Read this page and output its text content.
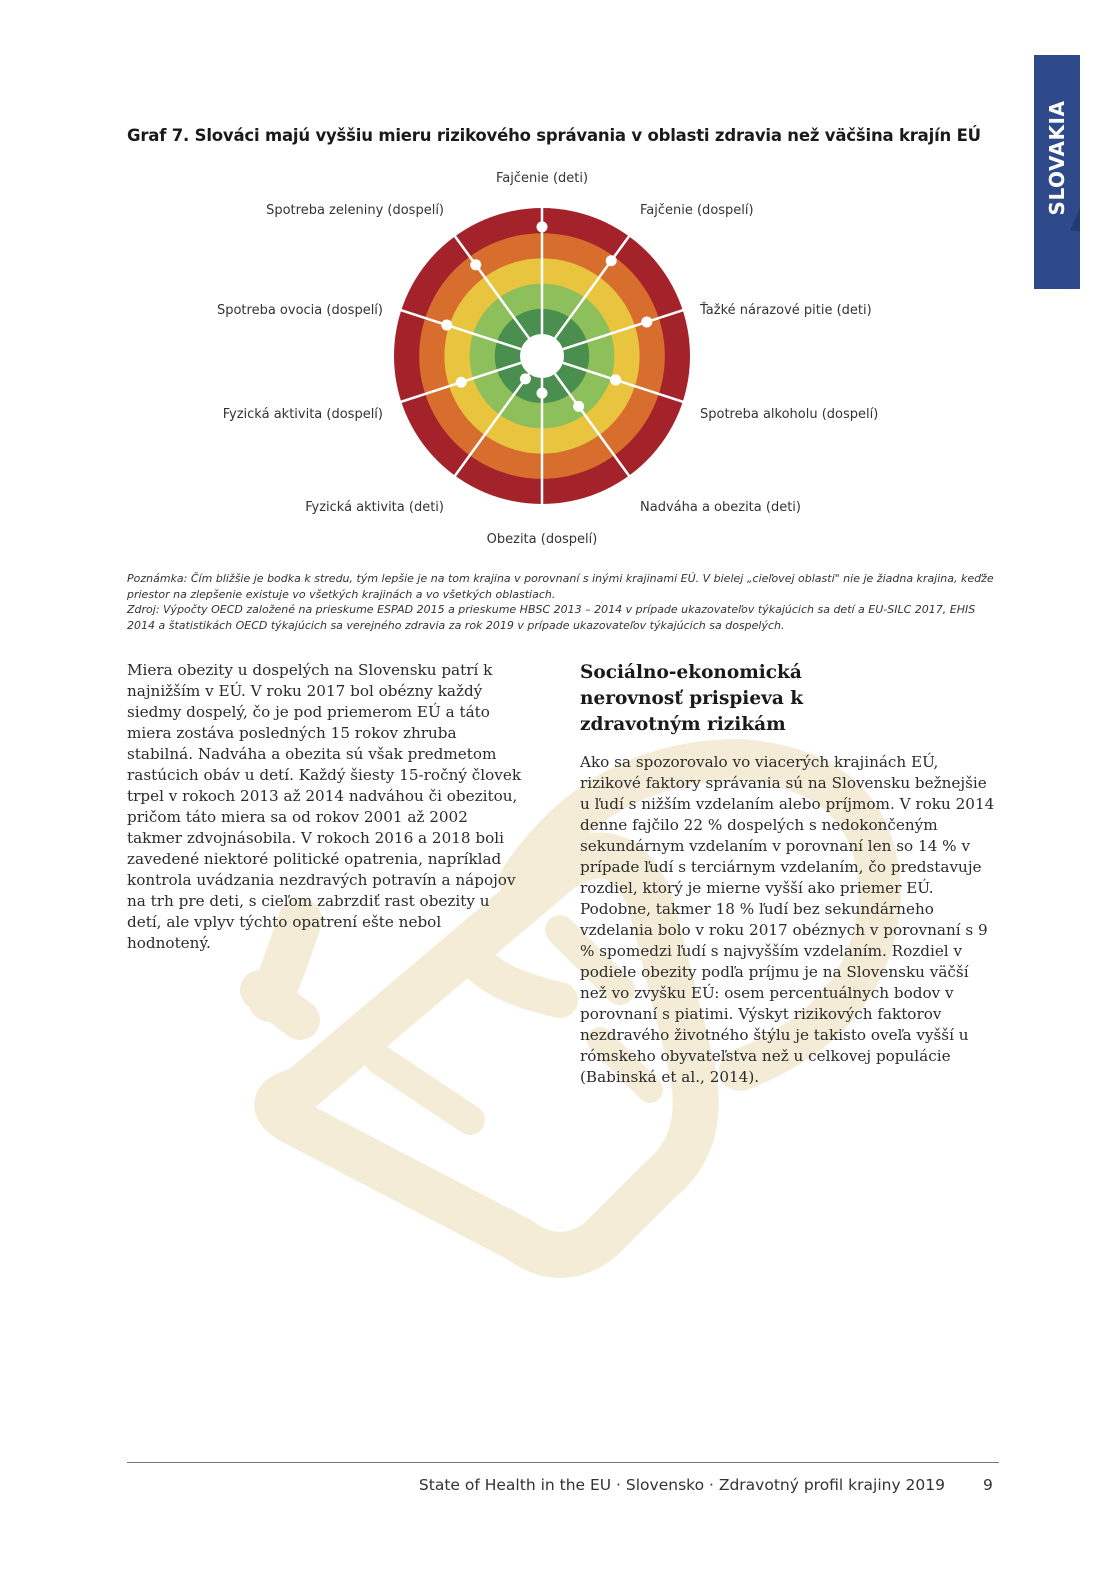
SLOVAKIA
Graf 7. Slováci majú vyššiu mieru rizikového správania v oblasti zdravia než väčšina krajín EÚ
Fajčenie (deti)
Fajčenie (dospelí)
Ťažké nárazové pitie (deti)
Spotreba alkoholu (dospelí)
Nadváha a obezita (deti)
Obezita (dospelí)
Fyzická aktivita (deti)
Fyzická aktivita (dospelí)
Spotreba ovocia (dospelí)
Spotreba zeleniny (dospelí)

Poznámka: Čím bližšie je bodka k stredu, tým lepšie je na tom krajina v porovnaní s inými krajinami EÚ. V bielej „cieľovej oblasti" nie je žiadna krajina, keďže priestor na zlepšenie existuje vo všetkých krajinách a vo všetkých oblastiach.

Zdroj: Výpočty OECD založené na prieskume ESPAD 2015 a prieskume HBSC 2013 – 2014 v prípade ukazovateľov týkajúcich sa detí a EU-SILC 2017, EHIS 2014 a štatistikách OECD týkajúcich sa verejného zdravia za rok 2019 v prípade ukazovateľov týkajúcich sa dospelých.

Miera obezity u dospelých na Slovensku patrí k najnižším v EÚ. V roku 2017 bol obézny každý siedmy dospelý, čo je pod priemerom EÚ a táto miera zostáva posledných 15 rokov zhruba stabilná. Nadváha a obezita sú však predmetom rastúcich obáv u detí. Každý šiesty 15-ročný človek trpel v rokoch 2013 až 2014 nadváhou či obezitou, pričom táto miera sa od rokov 2001 až 2002 takmer zdvojnásobila. V rokoch 2016 a 2018 boli zavedené niektoré politické opatrenia, napríklad kontrola uvádzania nezdravých potravín a nápojov na trh pre deti, s cieľom zabrzdiť rast obezity u detí, ale vplyv týchto opatrení ešte nebol hodnotený.

Sociálno-ekonomická nerovnosť prispieva k zdravotným rizikám

Ako sa spozorovalo vo viacerých krajinách EÚ, rizikové faktory správania sú na Slovensku bežnejšie u ľudí s nižším vzdelaním alebo príjmom. V roku 2014 denne fajčilo 22 % dospelých s nedokončeným sekundárnym vzdelaním v porovnaní len so 14 % v prípade ľudí s terciárnym vzdelaním, čo predstavuje rozdiel, ktorý je mierne vyšší ako priemer EÚ. Podobne, takmer 18 % ľudí bez sekundárneho vzdelania bolo v roku 2017 obéznych v porovnaní s 9 % spomedzi ľudí s najvyšším vzdelaním. Rozdiel v podiele obezity podľa príjmu je na Slovensku väčší než vo zvyšku EÚ: osem percentuálnych bodov v porovnaní s piatimi. Výskyt rizikových faktorov nezdravého životného štýlu je takisto oveľa vyšší u rómskeho obyvateľstva než u celkovej populácie (Babinská et al., 2014).

State of Health in the EU · Slovensko · Zdravotný profil krajiny 2019 9
